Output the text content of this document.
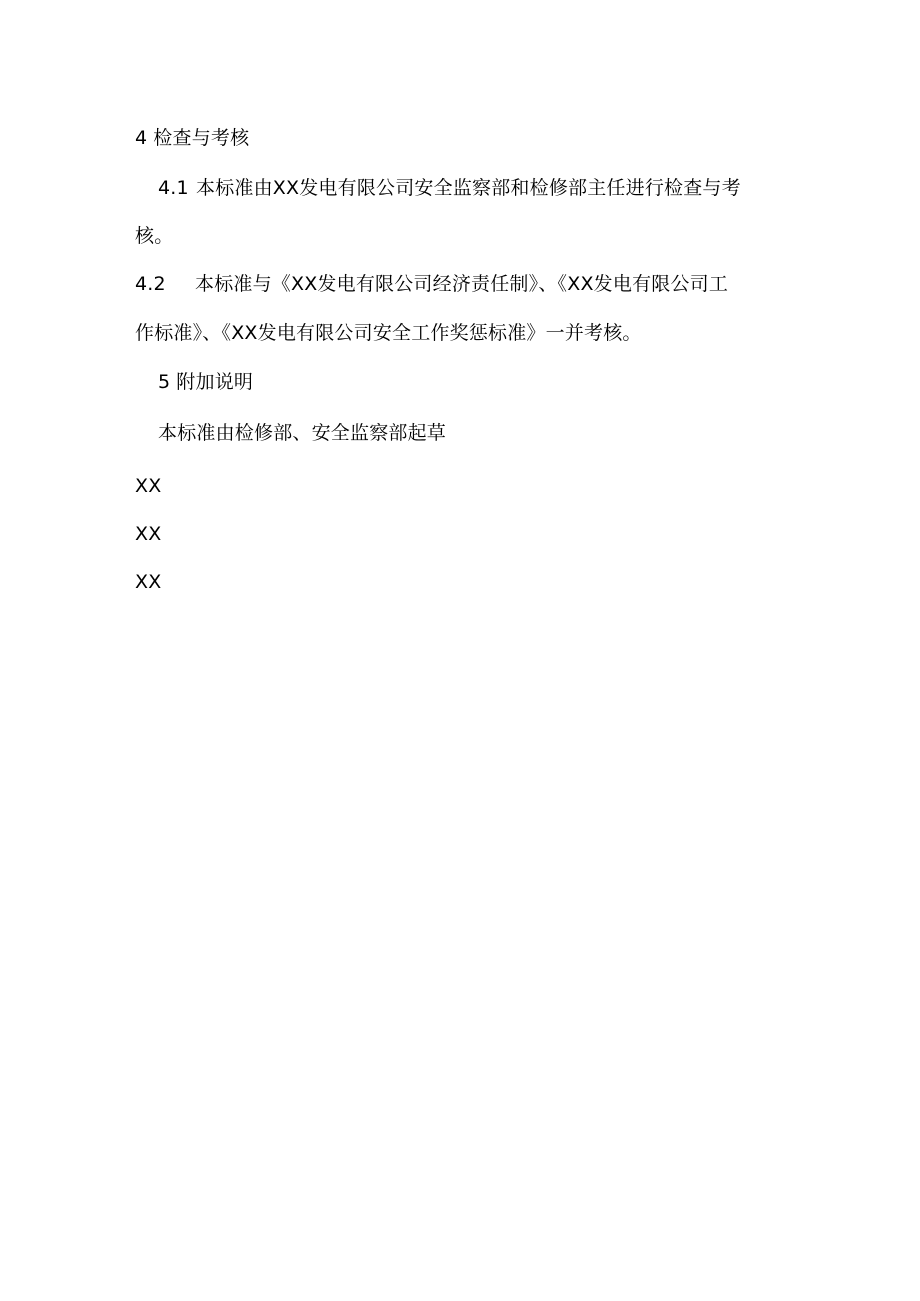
4 检查与考核
4.1 本标准由XX发电有限公司安全监察部和检修部主任进行检查与考
核。
4.2 本标准与《XX发电有限公司经济责任制》、《XX发电有限公司工
作标准》、《XX发电有限公司安全工作奖惩标准》一并考核。
5 附加说明
本标准由检修部、安全监察部起草
XX
XX
XX
